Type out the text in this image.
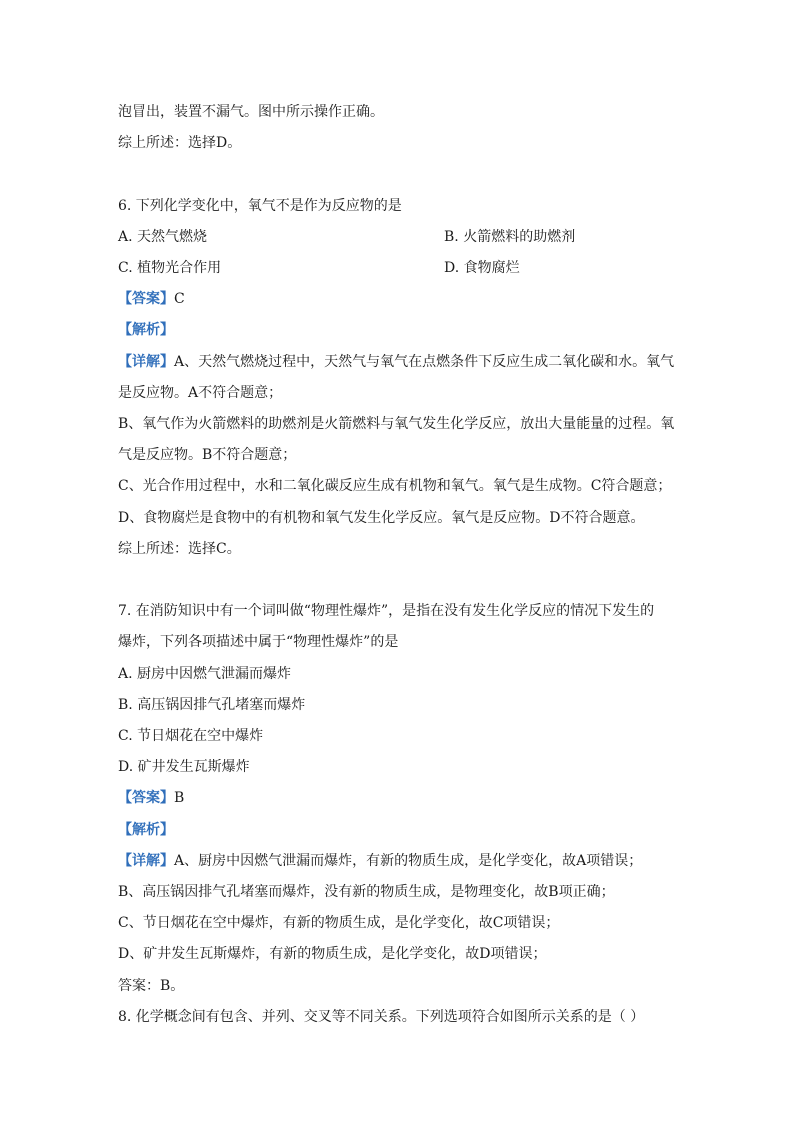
泡冒出，装置不漏气。图中所示操作正确。
综上所述：选择D。
6. 下列化学变化中，氧气不是作为反应物的是
A. 天然气燃烧	B. 火箭燃料的助燃剂
C. 植物光合作用	D. 食物腐烂
【答案】C
【解析】
【详解】A、天然气燃烧过程中，天然气与氧气在点燃条件下反应生成二氧化碳和水。氧气
是反应物。A不符合题意；
B、氧气作为火箭燃料的助燃剂是火箭燃料与氧气发生化学反应，放出大量能量的过程。氧
气是反应物。B不符合题意；
C、光合作用过程中，水和二氧化碳反应生成有机物和氧气。氧气是生成物。C符合题意；
D、食物腐烂是食物中的有机物和氧气发生化学反应。氧气是反应物。D不符合题意。
综上所述：选择C。
7. 在消防知识中有一个词叫做“物理性爆炸”，是指在没有发生化学反应的情况下发生的
爆炸，下列各项描述中属于“物理性爆炸”的是
A. 厨房中因燃气泄漏而爆炸
B. 高压锅因排气孔堵塞而爆炸
C. 节日烟花在空中爆炸
D. 矿井发生瓦斯爆炸
【答案】B
【解析】
【详解】A、厨房中因燃气泄漏而爆炸，有新的物质生成，是化学变化，故A项错误；
B、高压锅因排气孔堵塞而爆炸，没有新的物质生成，是物理变化，故B项正确；
C、节日烟花在空中爆炸，有新的物质生成，是化学变化，故C项错误；
D、矿井发生瓦斯爆炸，有新的物质生成，是化学变化，故D项错误；
答案：B。
8. 化学概念间有包含、并列、交叉等不同关系。下列选项符合如图所示关系的是（ ）
